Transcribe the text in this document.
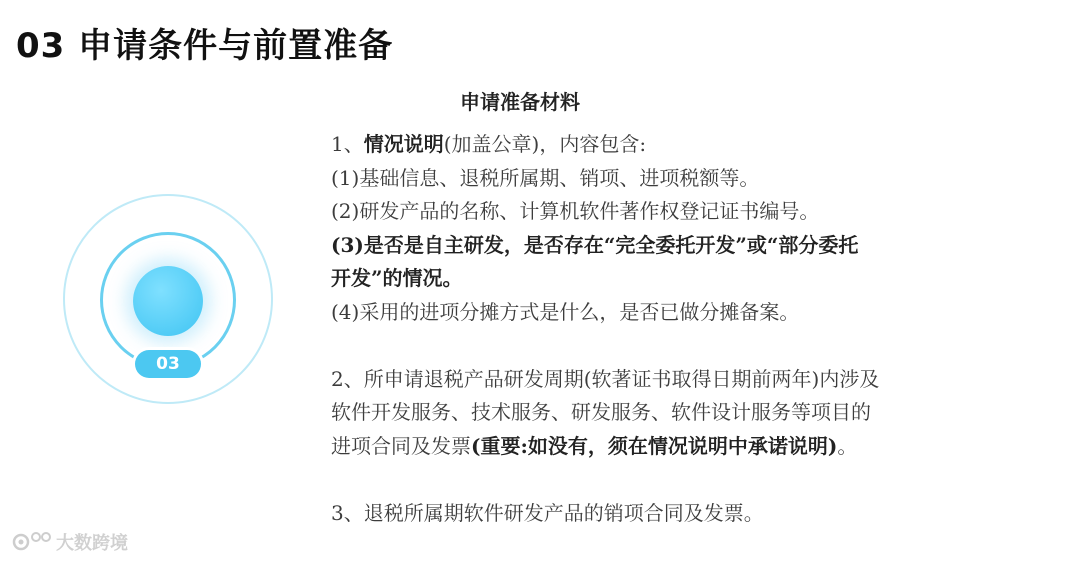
03 申请条件与前置准备
申请准备材料
03
1、情况说明(加盖公章)，内容包含:
(1)基础信息、退税所属期、销项、进项税额等。
(2)研发产品的名称、计算机软件著作权登记证书编号。
(3)是否是自主研发，是否存在“完全委托开发”或“部分委托
开发”的情况。
(4)采用的进项分摊方式是什么，是否已做分摊备案。
2、所申请退税产品研发周期(软著证书取得日期前两年)内涉及
软件开发服务、技术服务、研发服务、软件设计服务等项目的
进项合同及发票(重要:如没有，须在情况说明中承诺说明)。
3、退税所属期软件研发产品的销项合同及发票。
大数跨境
